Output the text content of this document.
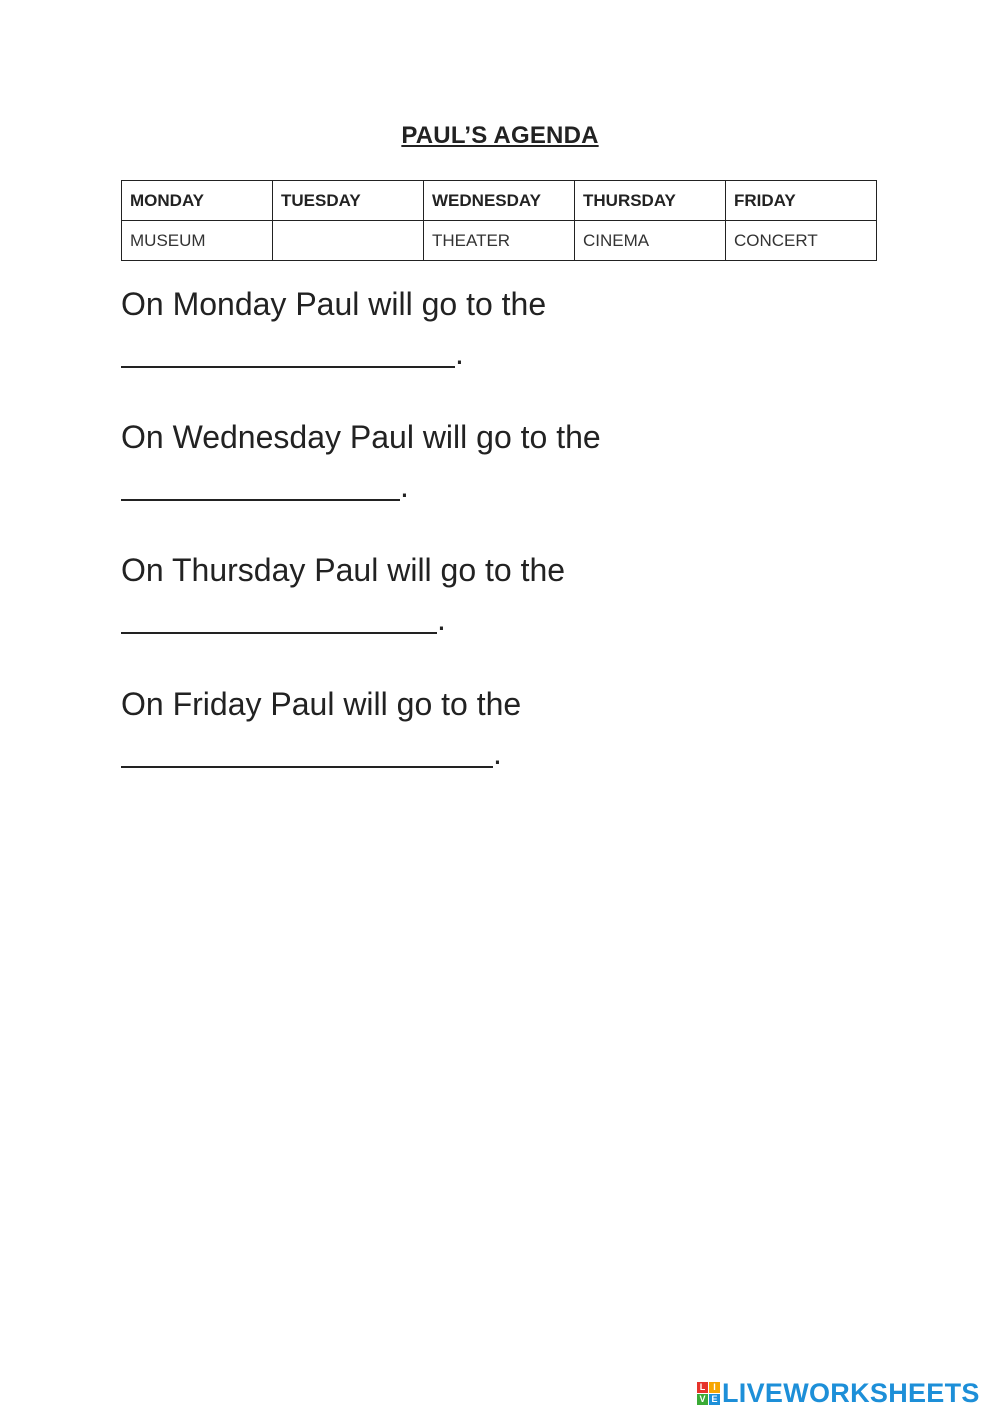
PAUL’S AGENDA
MONDAY	TUESDAY	WEDNESDAY	THURSDAY	FRIDAY
MUSEUM		THEATER	CINEMA	CONCERT
On Monday Paul will go to the
.
On Wednesday Paul will go to the
.
On Thursday Paul will go to the
.
On Friday Paul will go to the
.
L I
V E LIVEWORKSHEETS
